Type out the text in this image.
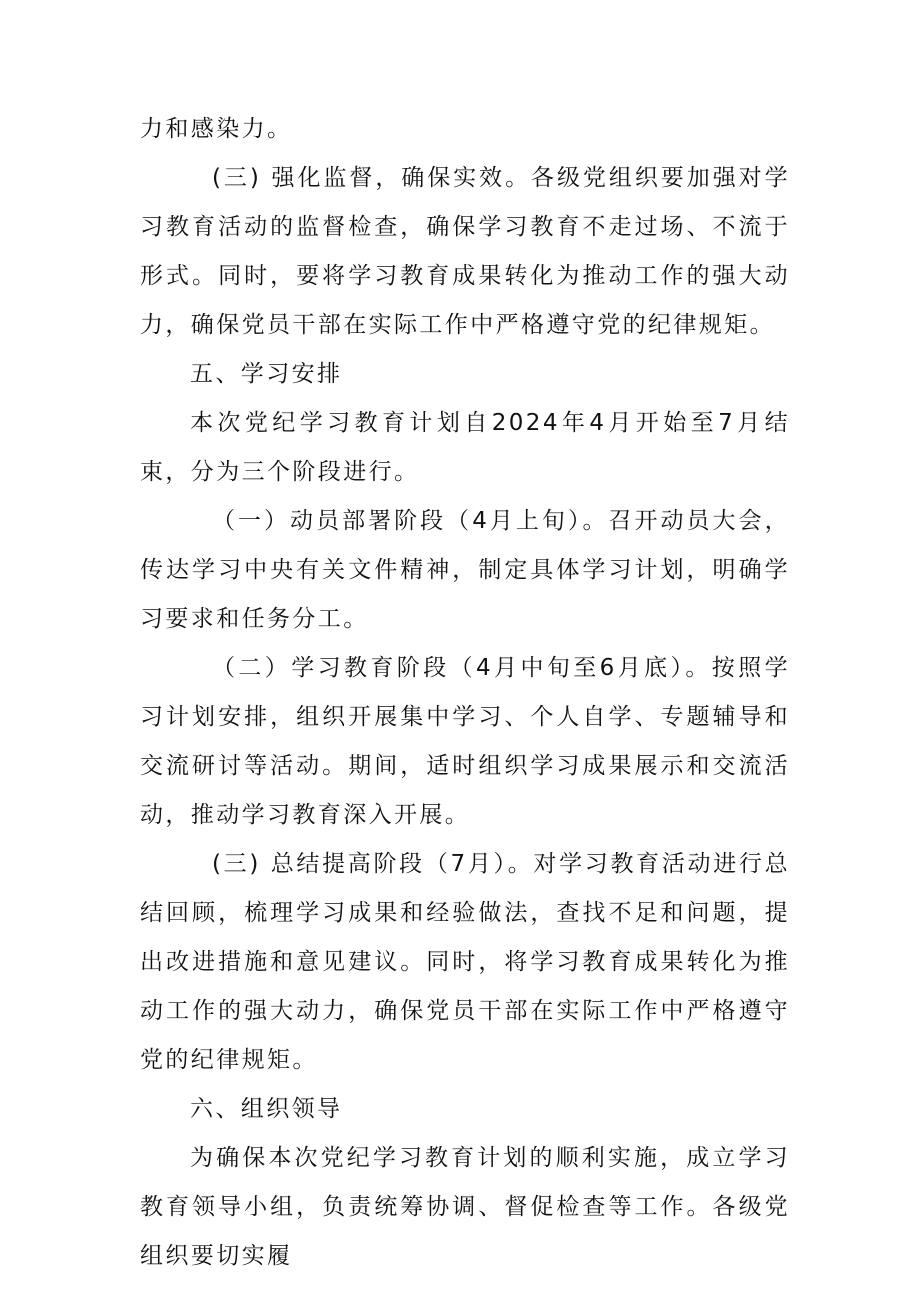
力和感染力。

(三) 强化监督，确保实效。各级党组织要加强对学习教育活动的监督检查，确保学习教育不走过场、不流于形式。同时，要将学习教育成果转化为推动工作的强大动力，确保党员干部在实际工作中严格遵守党的纪律规矩。

五、学习安排

本次党纪学习教育计划自2024年4月开始至7月结束，分为三个阶段进行。

（一）动员部署阶段（4月上旬）。召开动员大会，传达学习中央有关文件精神，制定具体学习计划，明确学习要求和任务分工。

（二）学习教育阶段（4月中旬至6月底）。按照学习计划安排，组织开展集中学习、个人自学、专题辅导和交流研讨等活动。期间，适时组织学习成果展示和交流活动，推动学习教育深入开展。

(三) 总结提高阶段（7月）。对学习教育活动进行总结回顾，梳理学习成果和经验做法，查找不足和问题，提出改进措施和意见建议。同时，将学习教育成果转化为推动工作的强大动力，确保党员干部在实际工作中严格遵守党的纪律规矩。

六、组织领导

为确保本次党纪学习教育计划的顺利实施，成立学习教育领导小组，负责统筹协调、督促检查等工作。各级党组织要切实履
